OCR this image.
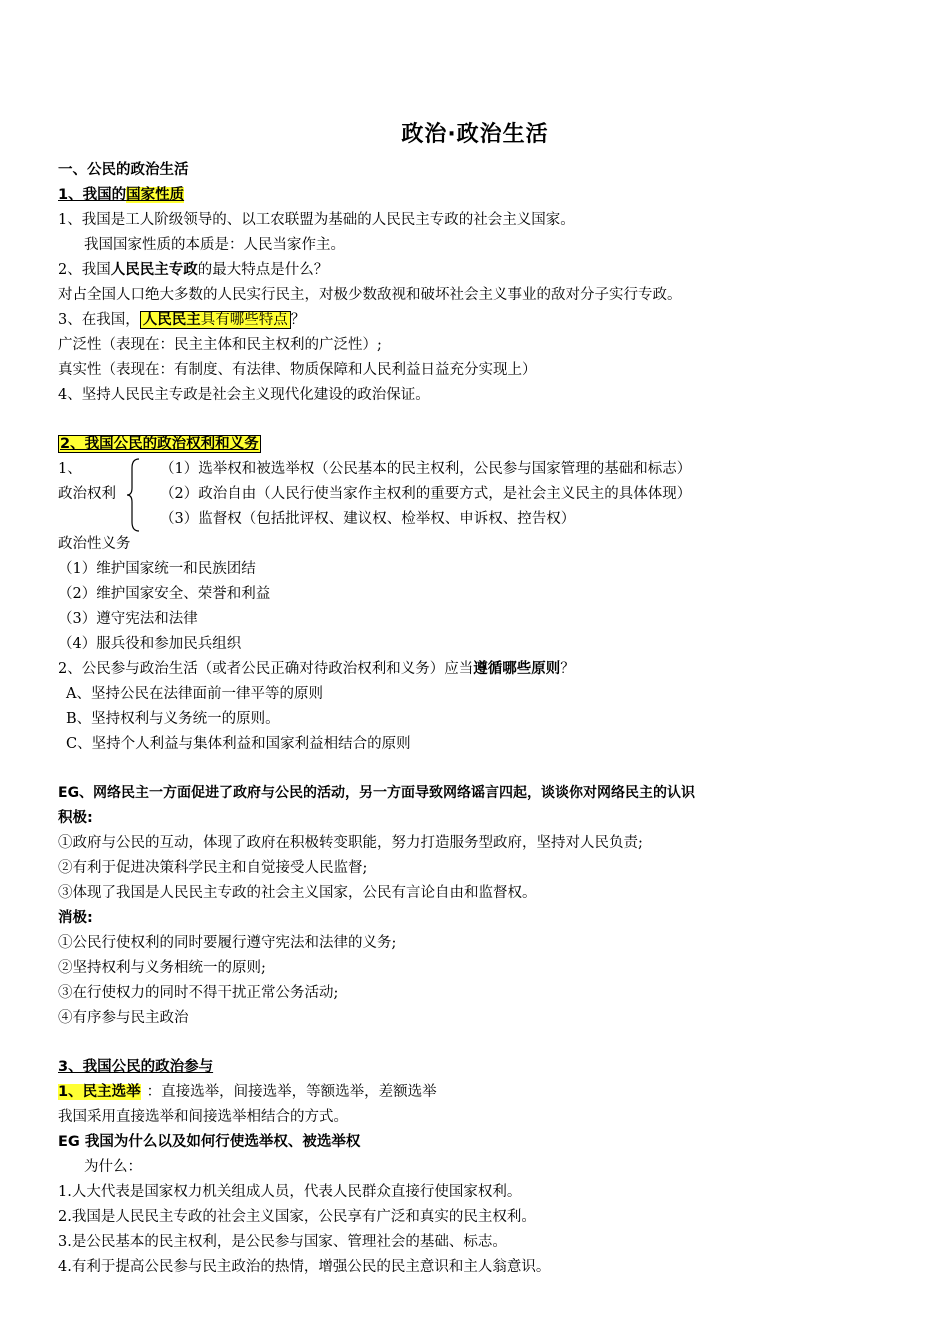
政治·政治生活
一、公民的政治生活
1、我国的国家性质
1、我国是工人阶级领导的、以工农联盟为基础的人民民主专政的社会主义国家。
我国国家性质的本质是：人民当家作主。
2、我国人民民主专政的最大特点是什么？
对占全国人口绝大多数的人民实行民主，对极少数敌视和破坏社会主义事业的敌对分子实行专政。
3、在我国， 人民民主具有哪些特点 ？
广泛性（表现在：民主主体和民主权利的广泛性）;
真实性（表现在：有制度、有法律、物质保障和人民利益日益充分实现上）
4、坚持人民民主专政是社会主义现代化建设的政治保证。
2、我国公民的政治权利和义务
1、
政治权利
（1）选举权和被选举权（公民基本的民主权利，公民参与国家管理的基础和标志）
（2）政治自由（人民行使当家作主权利的重要方式，是社会主义民主的具体体现）
（3）监督权（包括批评权、建议权、检举权、申诉权、控告权）
政治性义务
（1）维护国家统一和民族团结
（2）维护国家安全、荣誉和利益
（3）遵守宪法和法律
（4）服兵役和参加民兵组织
2、公民参与政治生活（或者公民正确对待政治权利和义务）应当遵循哪些原则？
A、坚持公民在法律面前一律平等的原则
B、坚持权利与义务统一的原则。
C、坚持个人利益与集体利益和国家利益相结合的原则
EG、网络民主一方面促进了政府与公民的活动，另一方面导致网络谣言四起，谈谈你对网络民主的认识
积极:
①政府与公民的互动，体现了政府在积极转变职能，努力打造服务型政府，坚持对人民负责;
②有利于促进决策科学民主和自觉接受人民监督;
③体现了我国是人民民主专政的社会主义国家，公民有言论自由和监督权。
消极:
①公民行使权利的同时要履行遵守宪法和法律的义务;
②坚持权利与义务相统一的原则;
③在行使权力的同时不得干扰正常公务活动;
④有序参与民主政治
3、我国公民的政治参与
1、民主选举 ：直接选举，间接选举，等额选举，差额选举
我国采用直接选举和间接选举相结合的方式。
EG 我国为什么以及如何行使选举权、被选举权
为什么：
1.人大代表是国家权力机关组成人员，代表人民群众直接行使国家权利。
2.我国是人民民主专政的社会主义国家，公民享有广泛和真实的民主权利。
3.是公民基本的民主权利，是公民参与国家、管理社会的基础、标志。
4.有利于提高公民参与民主政治的热情，增强公民的民主意识和主人翁意识。
